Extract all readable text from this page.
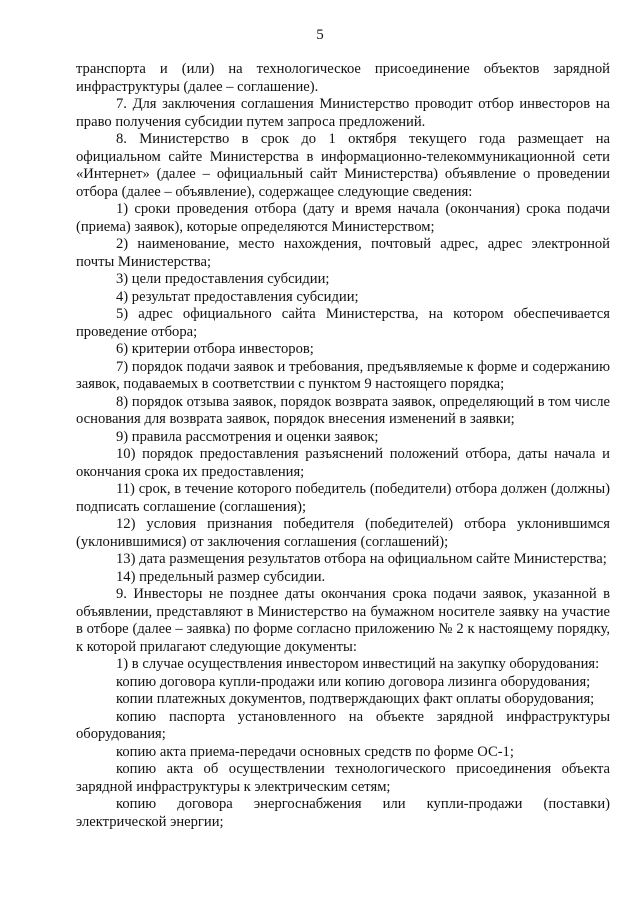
5

транспорта и (или) на технологическое присоединение объектов зарядной инфраструктуры (далее – соглашение).

7. Для заключения соглашения Министерство проводит отбор инвесторов на право получения субсидии путем запроса предложений.

8. Министерство в срок до 1 октября текущего года размещает на официальном сайте Министерства в информационно-телекоммуникационной сети «Интернет» (далее – официальный сайт Министерства) объявление о проведении отбора (далее – объявление), содержащее следующие сведения:

1) сроки проведения отбора (дату и время начала (окончания) срока подачи (приема) заявок), которые определяются Министерством;

2) наименование, место нахождения, почтовый адрес, адрес электронной почты Министерства;

3) цели предоставления субсидии;

4) результат предоставления субсидии;

5) адрес официального сайта Министерства, на котором обеспечивается проведение отбора;

6) критерии отбора инвесторов;

7) порядок подачи заявок и требования, предъявляемые к форме и содержанию заявок, подаваемых в соответствии с пунктом 9 настоящего порядка;

8) порядок отзыва заявок, порядок возврата заявок, определяющий в том числе основания для возврата заявок, порядок внесения изменений в заявки;

9) правила рассмотрения и оценки заявок;

10) порядок предоставления разъяснений положений отбора, даты начала и окончания срока их предоставления;

11) срок, в течение которого победитель (победители) отбора должен (должны) подписать соглашение (соглашения);

12) условия признания победителя (победителей) отбора уклонившимся (уклонившимися) от заключения соглашения (соглашений);

13) дата размещения результатов отбора на официальном сайте Министерства;

14) предельный размер субсидии.

9. Инвесторы не позднее даты окончания срока подачи заявок, указанной в объявлении, представляют в Министерство на бумажном носителе заявку на участие в отборе (далее – заявка) по форме согласно приложению № 2 к настоящему порядку, к которой прилагают следующие документы:

1) в случае осуществления инвестором инвестиций на закупку оборудования:

копию договора купли-продажи или копию договора лизинга оборудования;

копии платежных документов, подтверждающих факт оплаты оборудования;

копию паспорта установленного на объекте зарядной инфраструктуры оборудования;

копию акта приема-передачи основных средств по форме ОС-1;

копию акта об осуществлении технологического присоединения объекта зарядной инфраструктуры к электрическим сетям;

копию договора энергоснабжения или купли-продажи (поставки) электрической энергии;
